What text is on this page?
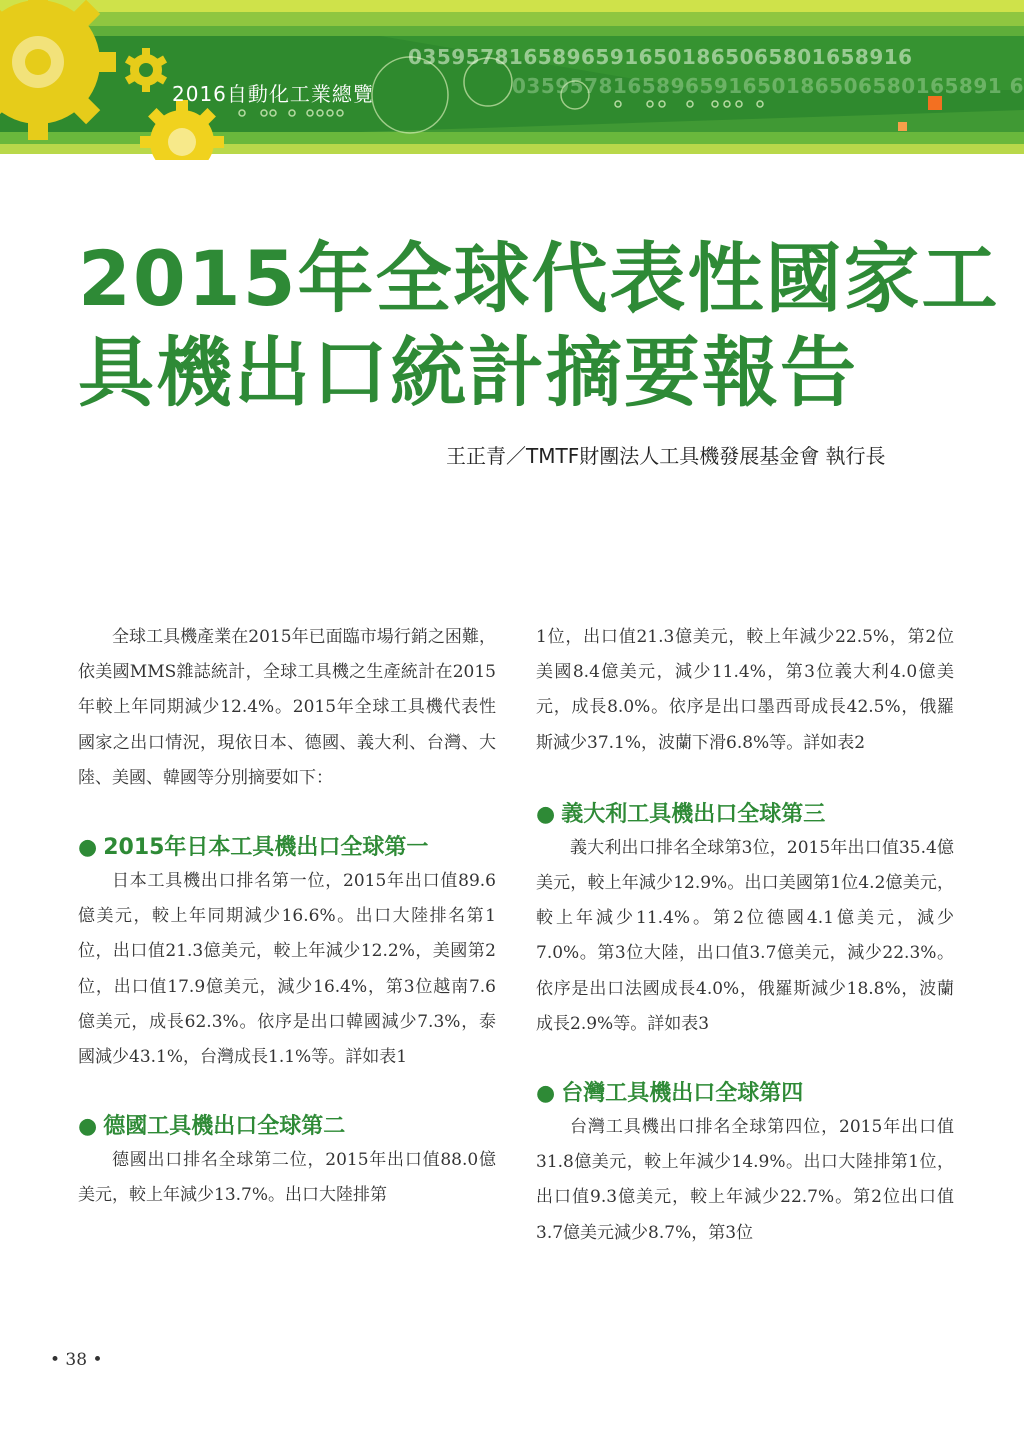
2016自動化工業總覽
035957816589659165018650658016589​16
0359578165896591650186506580165891 6
2015年全球代表性國家工
具機出口統計摘要報告
王正青／TMTF財團法人工具機發展基金會 執行長

全球工具機產業在2015年已面臨市場行銷之困難，依美國MMS雜誌統計，全球工具機之生產統計在2015年較上年同期減少12.4%。2015年全球工具機代表性國家之出口情況，現依日本、德國、義大利、台灣、大陸、美國、韓國等分別摘要如下：

● 2015年日本工具機出口全球第一

日本工具機出口排名第一位，2015年出口值89.6億美元，較上年同期減少16.6%。出口大陸排名第1位，出口值21.3億美元，較上年減少12.2%，美國第2位，出口值17.9億美元，減少16.4%，第3位越南7.6億美元，成長62.3%。依序是出口韓國減少7.3%，泰國減少43.1%，台灣成長1.1%等。詳如表1

● 德國工具機出口全球第二

德國出口排名全球第二位，2015年出口值88.0億美元，較上年減少13.7%。出口大陸排第

1位，出口值21.3億美元，較上年減少22.5%，第2位美國8.4億美元，減少11.4%，第3位義大利4.0億美元，成長8.0%。依序是出口墨西哥成長42.5%，俄羅斯減少37.1%，波蘭下滑6.8%等。詳如表2

● 義大利工具機出口全球第三

義大利出口排名全球第3位，2015年出口值35.4億美元，較上年減少12.9%。出口美國第1位4.2億美元，較上年減少11.4%。第2位德國4.1億美元，減少7.0%。第3位大陸，出口值3.7億美元，減少22.3%。依序是出口法國成長4.0%，俄羅斯減少18.8%，波蘭成長2.9%等。詳如表3

● 台灣工具機出口全球第四

台灣工具機出口排名全球第四位，2015年出口值31.8億美元，較上年減少14.9%。出口大陸排第1位，出口值9.3億美元，較上年減少22.7%。第2位出口值3.7億美元減少8.7%，第3位

• 38 •
